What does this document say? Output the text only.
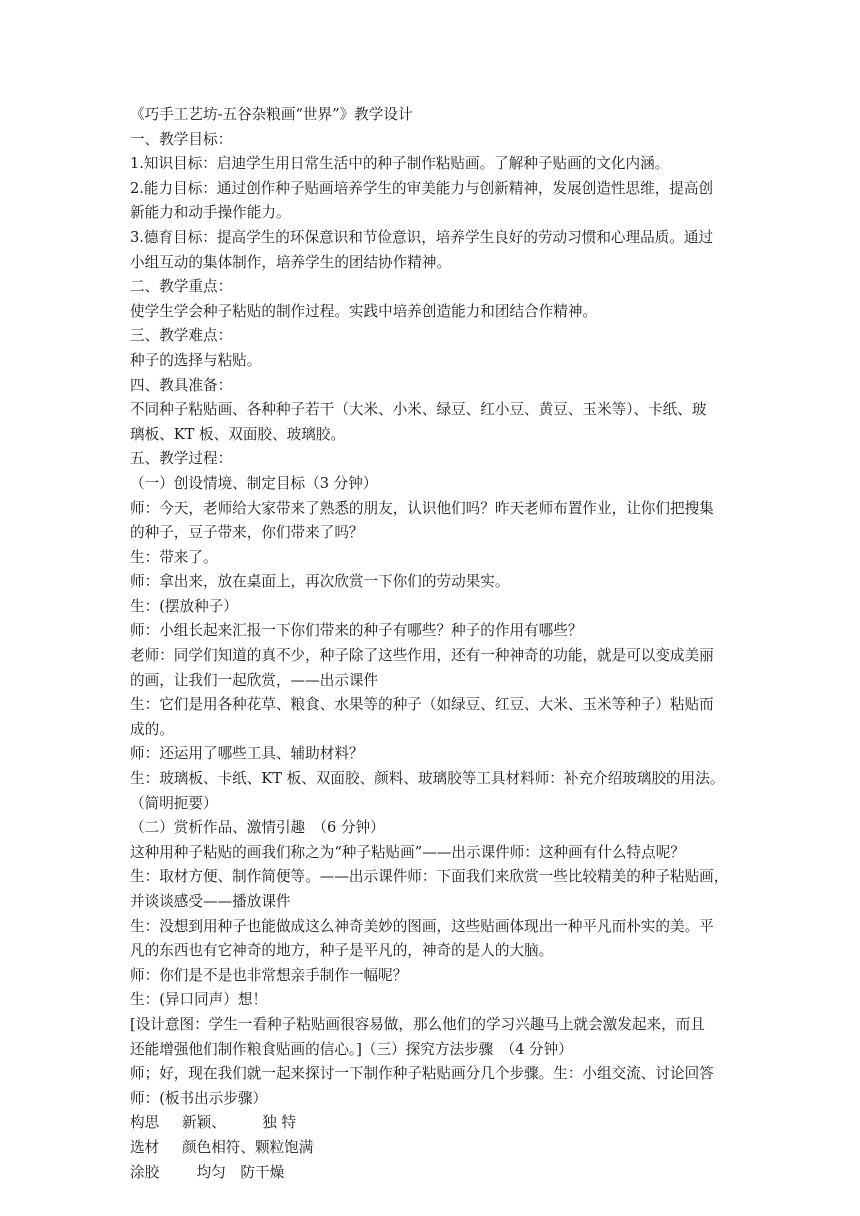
《巧手工艺坊-五谷杂粮画“世界”》教学设计
一、教学目标：
1.知识目标：启迪学生用日常生活中的种子制作粘贴画。了解种子贴画的文化内涵。
2.能力目标：通过创作种子贴画培养学生的审美能力与创新精神，发展创造性思维，提高创
新能力和动手操作能力。
3.德育目标：提高学生的环保意识和节俭意识，培养学生良好的劳动习惯和心理品质。通过
小组互动的集体制作，培养学生的团结协作精神。
二、教学重点：
使学生学会种子粘贴的制作过程。实践中培养创造能力和团结合作精神。
三、教学难点：
种子的选择与粘贴。
四、教具准备：
不同种子粘贴画、各种种子若干（大米、小米、绿豆、红小豆、黄豆、玉米等）、卡纸、玻
璃板、KT 板、双面胶、玻璃胶。
五、教学过程：
（一）创设情境、制定目标（3 分钟）
师：今天，老师给大家带来了熟悉的朋友，认识他们吗？昨天老师布置作业，让你们把搜集
的种子，豆子带来，你们带来了吗？
生：带来了。
师：拿出来，放在桌面上，再次欣赏一下你们的劳动果实。
生：(摆放种子）
师：小组长起来汇报一下你们带来的种子有哪些？种子的作用有哪些？
老师：同学们知道的真不少，种子除了这些作用，还有一种神奇的功能，就是可以变成美丽
的画，让我们一起欣赏，——出示课件
生：它们是用各种花草、粮食、水果等的种子（如绿豆、红豆、大米、玉米等种子）粘贴而
成的。
师：还运用了哪些工具、辅助材料？
生：玻璃板、卡纸、KT 板、双面胶、颜料、玻璃胶等工具材料师：补充介绍玻璃胶的用法。
（简明扼要）
（二）赏析作品、激情引趣　（6 分钟）
这种用种子粘贴的画我们称之为“种子粘贴画”——出示课件师：这种画有什么特点呢？
生：取材方便、制作简便等。——出示课件师：下面我们来欣赏一些比较精美的种子粘贴画，
并谈谈感受——播放课件
生：没想到用种子也能做成这么神奇美妙的图画，这些贴画体现出一种平凡而朴实的美。平
凡的东西也有它神奇的地方，种子是平凡的，神奇的是人的大脑。
师：你们是不是也非常想亲手制作一幅呢？
生：(异口同声）想！
[设计意图：学生一看种子粘贴画很容易做，那么他们的学习兴趣马上就会激发起来，而且
还能增强他们制作粮食贴画的信心。]（三）探究方法步骤　（4 分钟）
师；好，现在我们就一起来探讨一下制作种子粘贴画分几个步骤。生：小组交流、讨论回答
师：(板书出示步骤）
构思 新颖、　　　独 特
选材 颜色相符、颗粒饱满
涂胶　均匀　防干燥
